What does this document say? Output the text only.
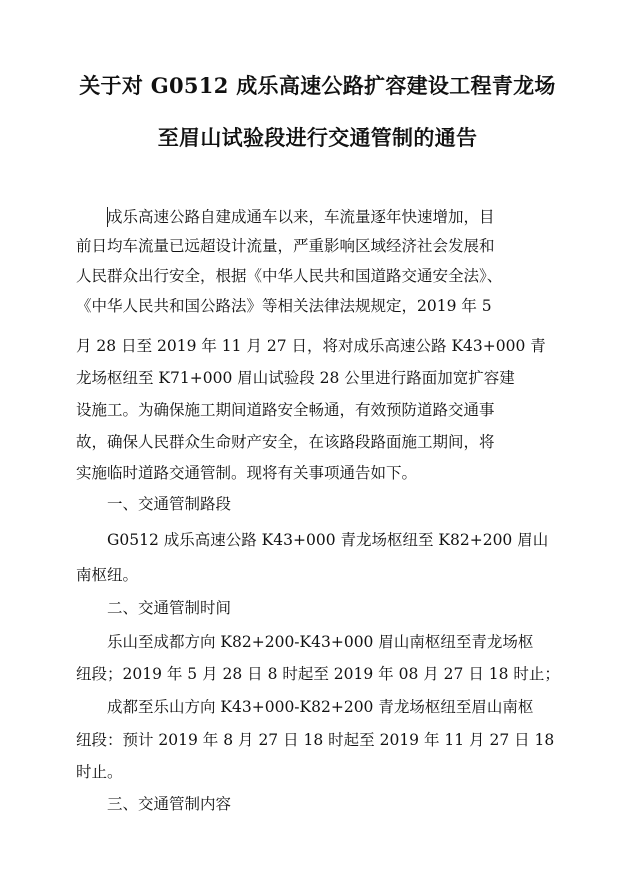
关于对 G0512 成乐高速公路扩容建设工程青龙场
至眉山试验段进行交通管制的通告
成乐高速公路自建成通车以来，车流量逐年快速增加，目
前日均车流量已远超设计流量，严重影响区域经济社会发展和
人民群众出行安全，根据《中华人民共和国道路交通安全法》、
《中华人民共和国公路法》等相关法律法规规定，2019 年 5
月 28 日至 2019 年 11 月 27 日，将对成乐高速公路 K43+000 青
龙场枢纽至 K71+000 眉山试验段 28 公里进行路面加宽扩容建
设施工。为确保施工期间道路安全畅通，有效预防道路交通事
故，确保人民群众生命财产安全，在该路段路面施工期间，将
实施临时道路交通管制。现将有关事项通告如下。
一、交通管制路段
G0512 成乐高速公路 K43+000 青龙场枢纽至 K82+200 眉山
南枢纽。
二、交通管制时间
乐山至成都方向 K82+200-K43+000 眉山南枢纽至青龙场枢
纽段；2019 年 5 月 28 日 8 时起至 2019 年 08 月 27 日 18 时止；
成都至乐山方向 K43+000-K82+200 青龙场枢纽至眉山南枢
纽段：预计 2019 年 8 月 27 日 18 时起至 2019 年 11 月 27 日 18
时止。
三、交通管制内容
